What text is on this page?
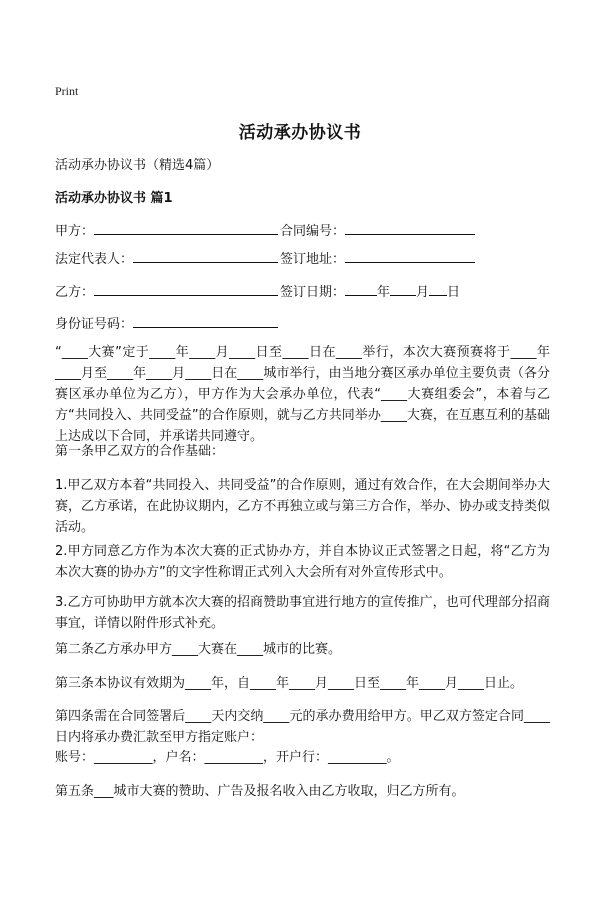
Print
活动承办协议书
活动承办协议书（精选4篇）
活动承办协议书 篇1
甲方：	合同编号：
法定代表人：	签订地址：
乙方：	签订日期： 年 月 日
身份证号码：
“____大赛”定于____年____月____日至____日在____举行，本次大赛预赛将于____年____月至____年____月____日在____城市举行，由当地分赛区承办单位主要负责（各分赛区承办单位为乙方），甲方作为大会承办单位，代表“____大赛组委会”，本着与乙方“共同投入、共同受益”的合作原则，就与乙方共同举办____大赛，在互惠互利的基础上达成以下合同，并承诺共同遵守。
第一条甲乙双方的合作基础：
1.甲乙双方本着“共同投入、共同受益”的合作原则，通过有效合作，在大会期间举办大赛，乙方承诺，在此协议期内，乙方不再独立或与第三方合作，举办、协办或支持类似活动。
2.甲方同意乙方作为本次大赛的正式协办方，并自本协议正式签署之日起，将“乙方为本次大赛的协办方”的文字性称谓正式列入大会所有对外宣传形式中。
3.乙方可协助甲方就本次大赛的招商赞助事宜进行地方的宣传推广，也可代理部分招商事宜，详情以附件形式补充。
第二条乙方承办甲方____大赛在____城市的比赛。
第三条本协议有效期为____年，自____年____月____日至____年____月____日止。
第四条需在合同签署后____天内交纳____元的承办费用给甲方。甲乙双方签定合同____日内将承办费汇款至甲方指定账户：
账号：_________，户名：_________，开户行：_________。
第五条___城市大赛的赞助、广告及报名收入由乙方收取，归乙方所有。
